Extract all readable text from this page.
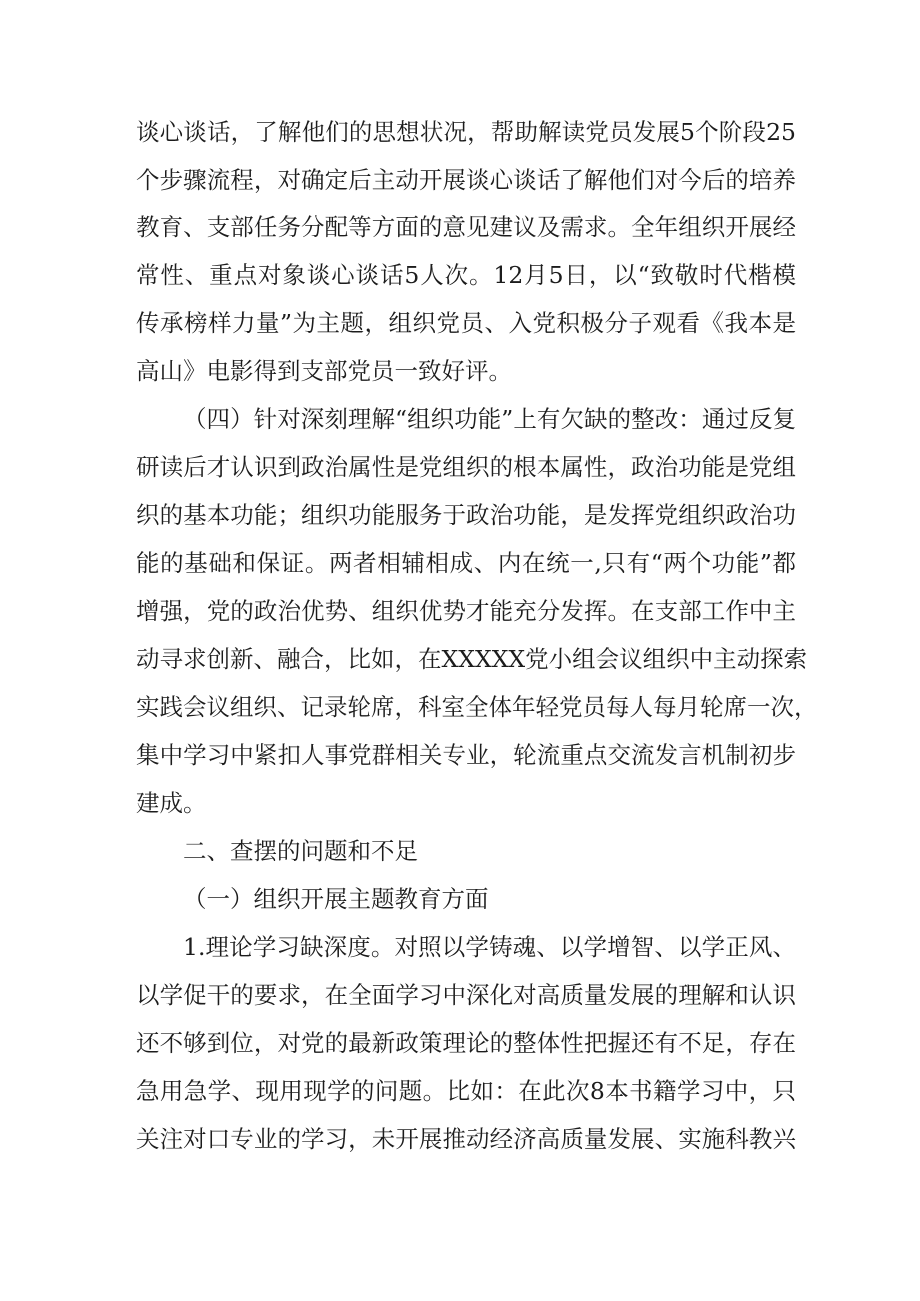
谈心谈话，了解他们的思想状况，帮助解读党员发展5个阶段25
个步骤流程，对确定后主动开展谈心谈话了解他们对今后的培养
教育、支部任务分配等方面的意见建议及需求。全年组织开展经
常性、重点对象谈心谈话5人次。12月5日，以“致敬时代楷模
传承榜样力量”为主题，组织党员、入党积极分子观看《我本是
高山》电影得到支部党员一致好评。
（四）针对深刻理解“组织功能”上有欠缺的整改：通过反复
研读后才认识到政治属性是党组织的根本属性，政治功能是党组
织的基本功能；组织功能服务于政治功能，是发挥党组织政治功
能的基础和保证。两者相辅相成、内在统一,只有“两个功能”都
增强，党的政治优势、组织优势才能充分发挥。在支部工作中主
动寻求创新、融合，比如，在XXXXX党小组会议组织中主动探索
实践会议组织、记录轮席，科室全体年轻党员每人每月轮席一次，
集中学习中紧扣人事党群相关专业，轮流重点交流发言机制初步
建成。
二、查摆的问题和不足
（一）组织开展主题教育方面
1.理论学习缺深度。对照以学铸魂、以学增智、以学正风、
以学促干的要求，在全面学习中深化对高质量发展的理解和认识
还不够到位，对党的最新政策理论的整体性把握还有不足，存在
急用急学、现用现学的问题。比如：在此次8本书籍学习中，只
关注对口专业的学习，未开展推动经济高质量发展、实施科教兴
